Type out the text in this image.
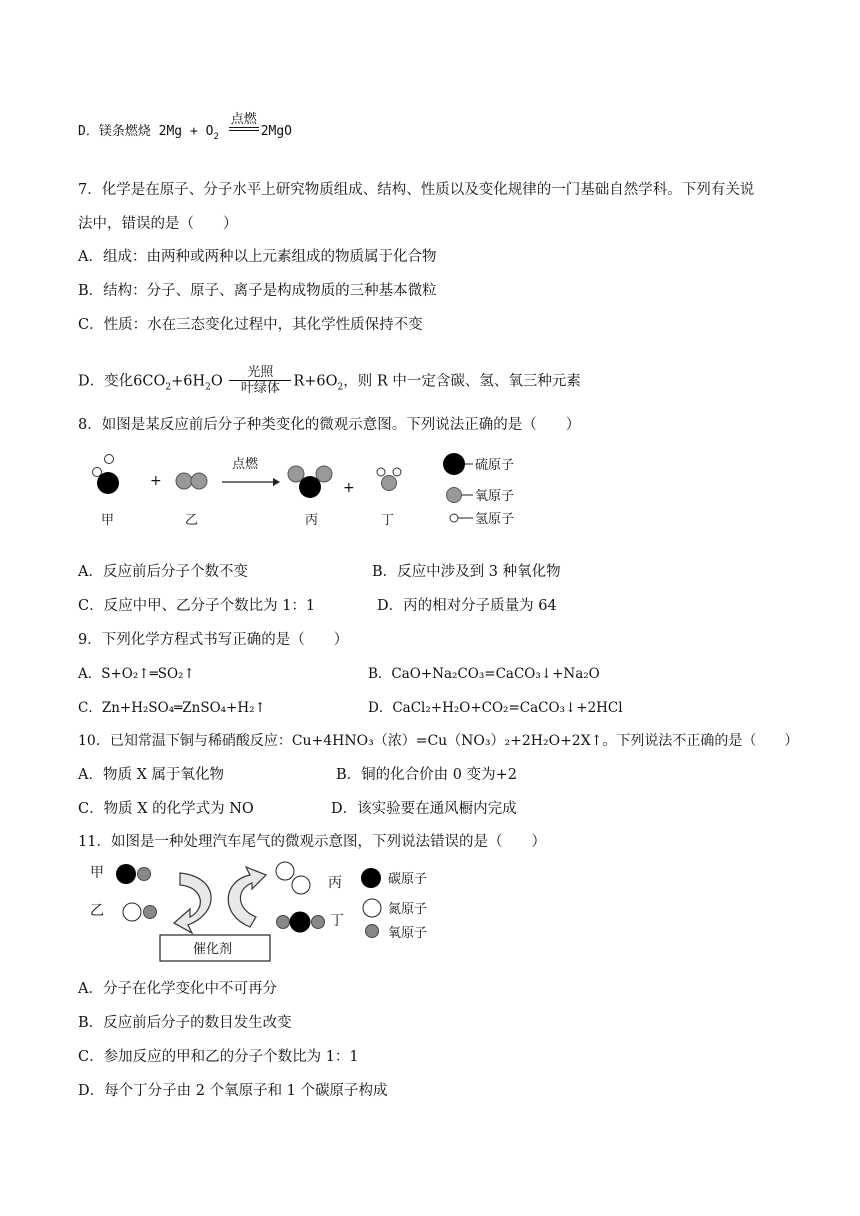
D．镁条燃烧 $2Mg + O_2$
点燃
2MgO
7．化学是在原子、分子水平上研究物质组成、结构、性质以及变化规律的一门基础自然学科。下列有关说
法中，错误的是（　　）
A．组成：由两种或两种以上元素组成的物质属于化合物
B．结构：分子、原子、离子是构成物质的三种基本微粒
C．性质：水在三态变化过程中，其化学性质保持不变
D．变化$6CO_2+6H_2O$
光照
叶绿体 $R+6O_2$，则 R 中一定含碳、氢、氧三种元素
8．如图是某反应前后分子种类变化的微观示意图。下列说法正确的是（　　）
+
点燃
+
甲	乙	丙	丁
硫原子
氧原子
氢原子
A．反应前后分子个数不变	B．反应中涉及到 3 种氧化物
C．反应中甲、乙分子个数比为 1：1	D．丙的相对分子质量为 64
9．下列化学方程式书写正确的是（　　）
A．S+O₂↑═SO₂↑	B．CaO+Na₂CO₃=CaCO₃↓+Na₂O
C．Zn+H₂SO₄═ZnSO₄+H₂↑	D．CaCl₂+H₂O+CO₂=CaCO₃↓+2HCl
10．已知常温下铜与稀硝酸反应：Cu+4HNO₃（浓）=Cu（NO₃）₂+2H₂O+2X↑。下列说法不正确的是（　　）
A．物质 X 属于氧化物	B．铜的化合价由 0 变为+2
C．物质 X 的化学式为 NO	D．该实验要在通风橱内完成
11．如图是一种处理汽车尾气的微观示意图，下列说法错误的是（　　）
甲
乙
催化剂
丙
丁
碳原子
氮原子
氧原子
A．分子在化学变化中不可再分
B．反应前后分子的数目发生改变
C．参加反应的甲和乙的分子个数比为 1：1
D．每个丁分子由 2 个氧原子和 1 个碳原子构成
